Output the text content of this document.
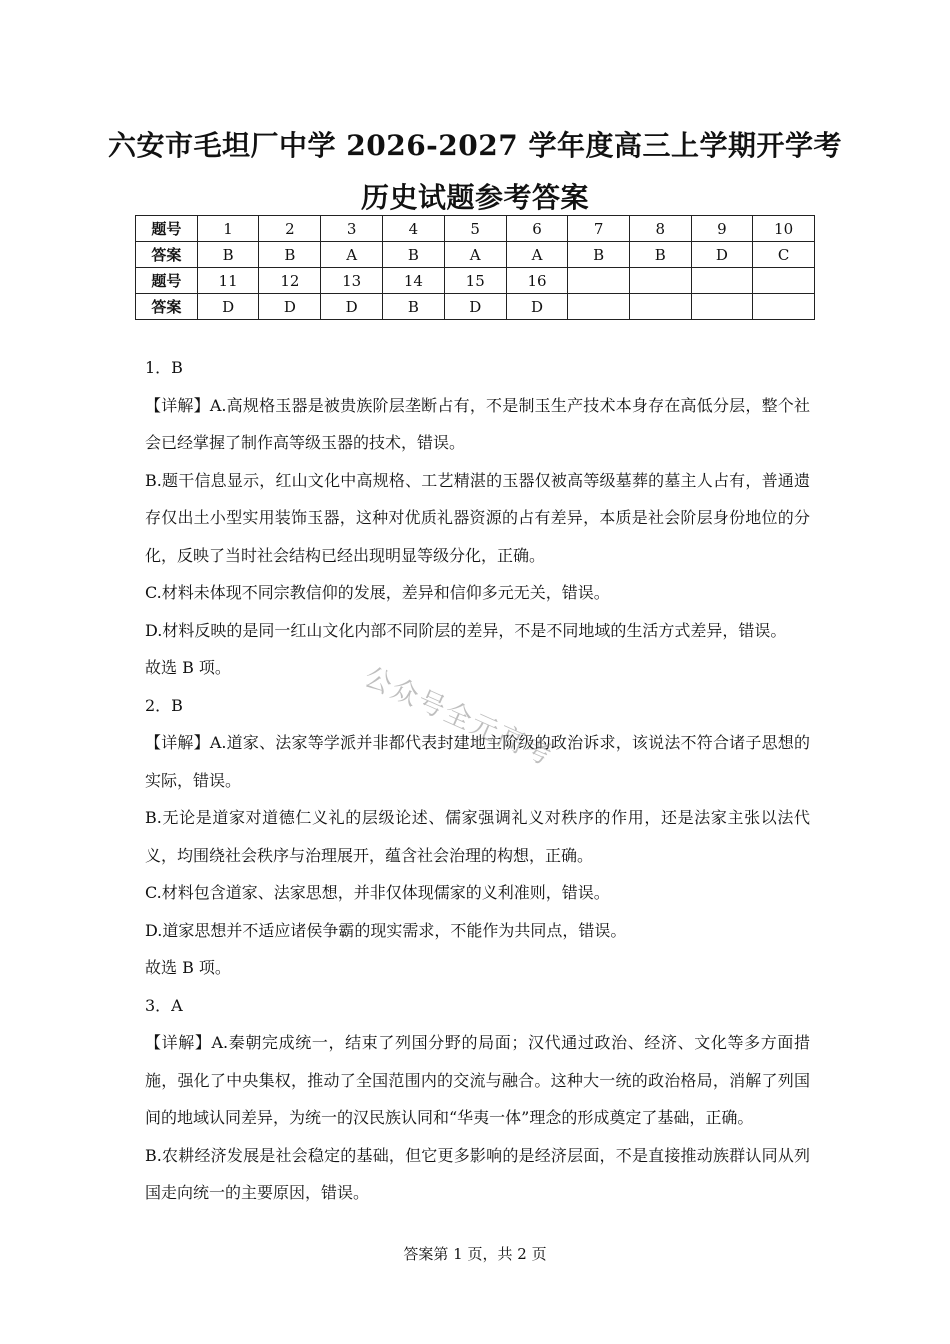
六安市毛坦厂中学 2026-2027 学年度高三上学期开学考
历史试题参考答案
题号	1	2	3	4	5	6	7	8	9	10
答案	B	B	A	B	A	A	B	B	D	C
题号	11	12	13	14	15	16				
答案	D	D	D	B	D	D				

1．B

【详解】A.高规格玉器是被贵族阶层垄断占有，不是制玉生产技术本身存在高低分层，整个社会已经掌握了制作高等级玉器的技术，错误。

B.题干信息显示，红山文化中高规格、工艺精湛的玉器仅被高等级墓葬的墓主人占有，普通遗存仅出土小型实用装饰玉器，这种对优质礼器资源的占有差异，本质是社会阶层身份地位的分化，反映了当时社会结构已经出现明显等级分化，正确。

C.材料未体现不同宗教信仰的发展，差异和信仰多元无关，错误。

D.材料反映的是同一红山文化内部不同阶层的差异，不是不同地域的生活方式差异，错误。

故选 B 项。

2．B

【详解】A.道家、法家等学派并非都代表封建地主阶级的政治诉求，该说法不符合诸子思想的实际，错误。

B.无论是道家对道德仁义礼的层级论述、儒家强调礼义对秩序的作用，还是法家主张以法代义，均围绕社会秩序与治理展开，蕴含社会治理的构想，正确。

C.材料包含道家、法家思想，并非仅体现儒家的义利准则，错误。

D.道家思想并不适应诸侯争霸的现实需求，不能作为共同点，错误。

故选 B 项。

3．A

【详解】A.秦朝完成统一，结束了列国分野的局面；汉代通过政治、经济、文化等多方面措施，强化了中央集权，推动了全国范围内的交流与融合。这种大一统的政治格局，消解了列国间的地域认同差异，为统一的汉民族认同和“华夷一体”理念的形成奠定了基础，正确。

B.农耕经济发展是社会稳定的基础，但它更多影响的是经济层面，不是直接推动族群认同从列国走向统一的主要原因，错误。

公众号全元高考
答案第 1 页，共 2 页
